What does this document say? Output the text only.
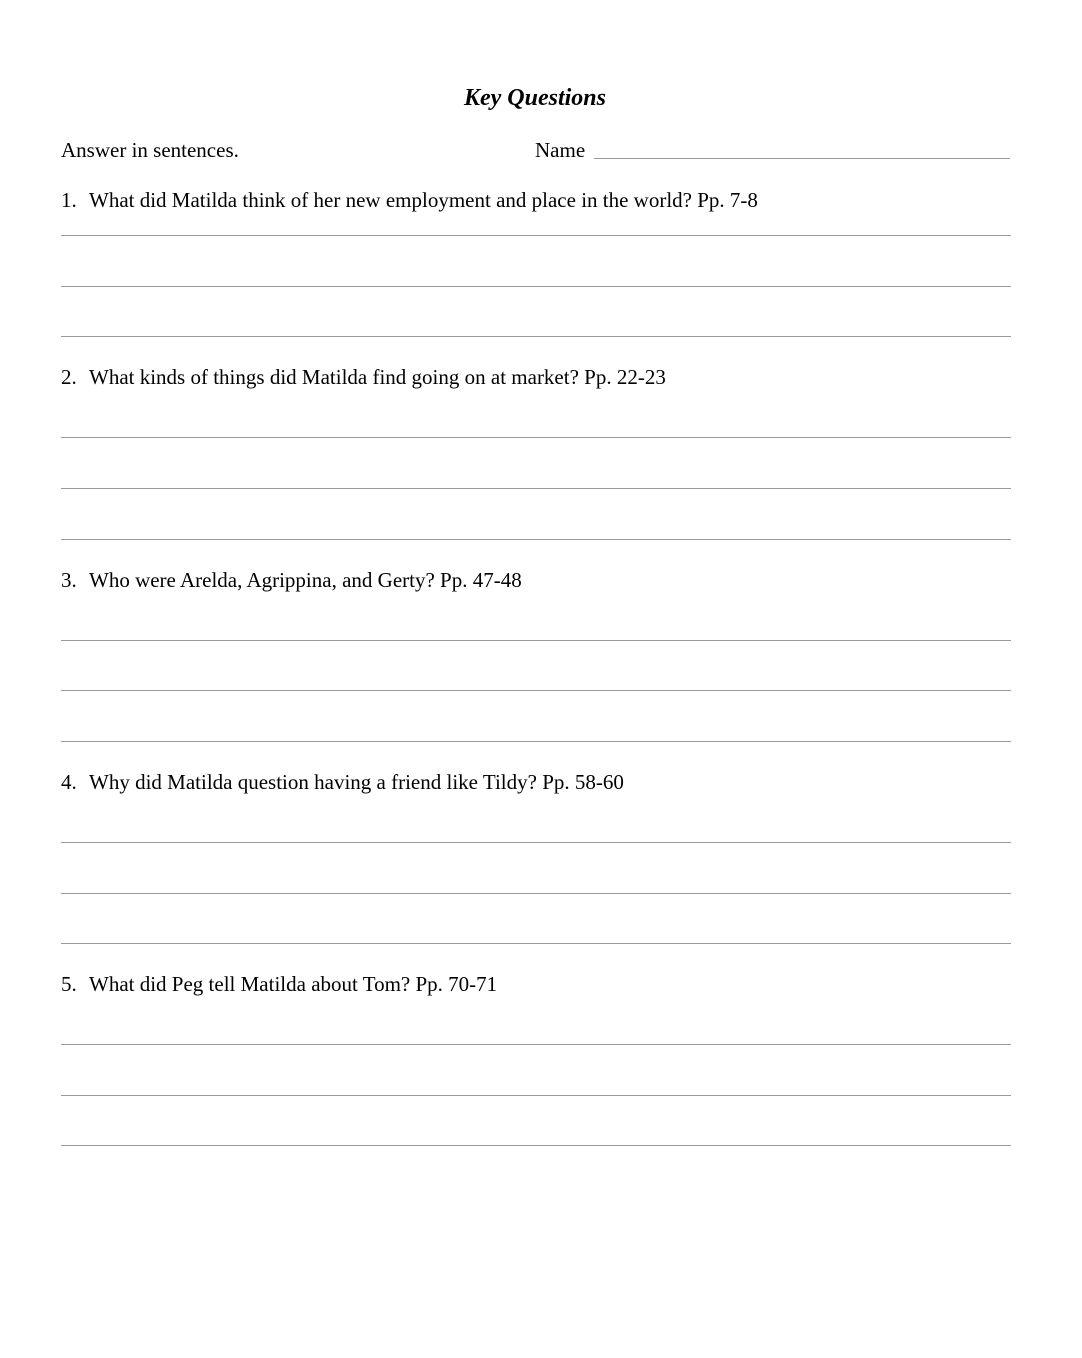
Key Questions
Answer in sentences.	Name
1. What did Matilda think of her new employment and place in the world? Pp. 7-8
2. What kinds of things did Matilda find going on at market? Pp. 22-23
3. Who were Arelda, Agrippina, and Gerty? Pp. 47-48
4. Why did Matilda question having a friend like Tildy? Pp. 58-60
5. What did Peg tell Matilda about Tom? Pp. 70-71
